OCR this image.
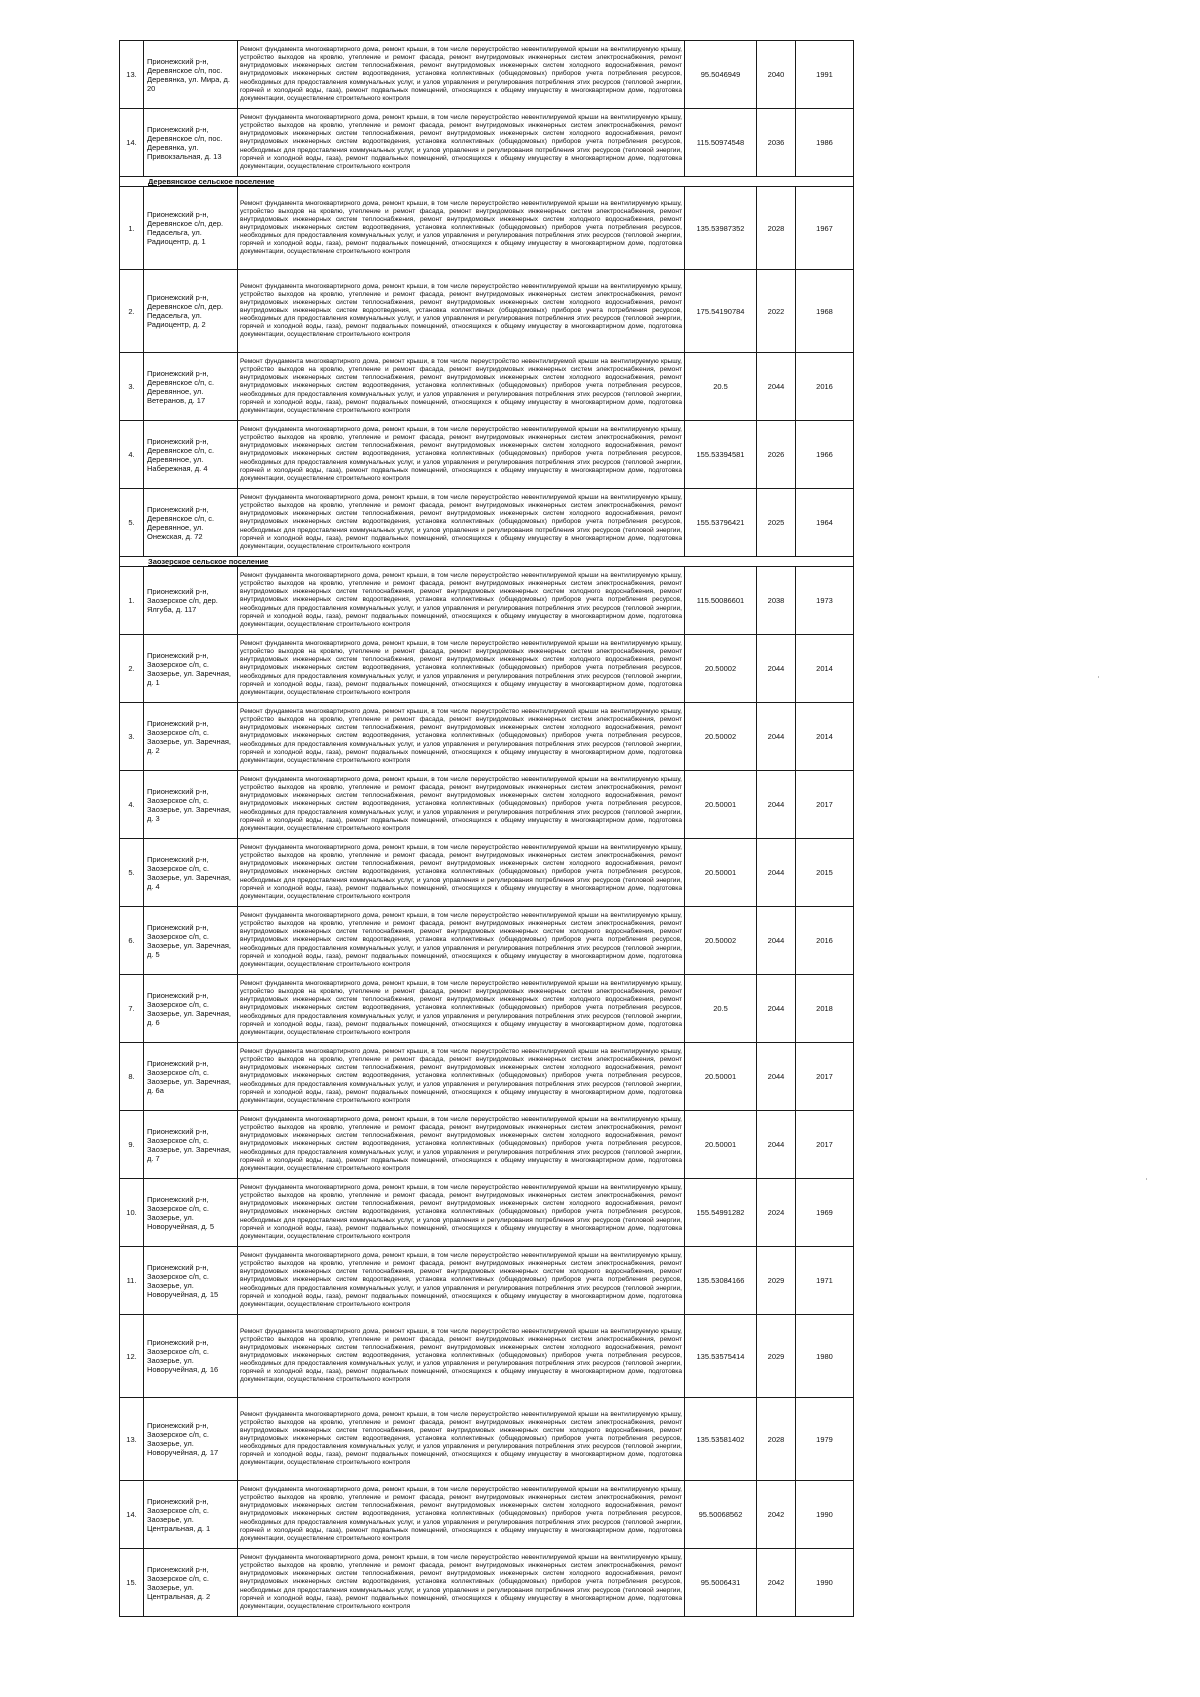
13.	Прионежский р-н, Деревянское с/п, пос. Деревянка, ул. Мира, д. 20	Ремонт фундамента многоквартирного дома, ремонт крыши, в том числе переустройство невентилируемой крыши на вентилируемую крышу, устройство выходов на кровлю, утепление и ремонт фасада, ремонт внутридомовых инженерных систем электроснабжения, ремонт внутридомовых инженерных систем теплоснабжения, ремонт внутридомовых инженерных систем холодного водоснабжения, ремонт внутридомовых инженерных систем водоотведения, установка коллективных (общедомовых) приборов учета потребления ресурсов, необходимых для предоставления коммунальных услуг, и узлов управления и регулирования потребления этих ресурсов (тепловой энергии, горячей и холодной воды, газа), ремонт подвальных помещений, относящихся к общему имуществу в многоквартирном доме, подготовка документации, осуществление строительного контроля	95.5046949	2040	1991
14.	Прионежский р-н, Деревянское с/п, пос. Деревянка, ул. Привокзальная, д. 13	Ремонт фундамента многоквартирного дома, ремонт крыши, в том числе переустройство невентилируемой крыши на вентилируемую крышу, устройство выходов на кровлю, утепление и ремонт фасада, ремонт внутридомовых инженерных систем электроснабжения, ремонт внутридомовых инженерных систем теплоснабжения, ремонт внутридомовых инженерных систем холодного водоснабжения, ремонт внутридомовых инженерных систем водоотведения, установка коллективных (общедомовых) приборов учета потребления ресурсов, необходимых для предоставления коммунальных услуг, и узлов управления и регулирования потребления этих ресурсов (тепловой энергии, горячей и холодной воды, газа), ремонт подвальных помещений, относящихся к общему имуществу в многоквартирном доме, подготовка документации, осуществление строительного контроля	115.50974548	2036	1986
Деревянское сельское поселение					
1.	Прионежский р-н, Деревянское с/п, дер. Педасельга, ул. Радиоцентр, д. 1	Ремонт фундамента многоквартирного дома, ремонт крыши, в том числе переустройство невентилируемой крыши на вентилируемую крышу, устройство выходов на кровлю, утепление и ремонт фасада, ремонт внутридомовых инженерных систем электроснабжения, ремонт внутридомовых инженерных систем теплоснабжения, ремонт внутридомовых инженерных систем холодного водоснабжения, ремонт внутридомовых инженерных систем водоотведения, установка коллективных (общедомовых) приборов учета потребления ресурсов, необходимых для предоставления коммунальных услуг, и узлов управления и регулирования потребления этих ресурсов (тепловой энергии, горячей и холодной воды, газа), ремонт подвальных помещений, относящихся к общему имуществу в многоквартирном доме, подготовка документации, осуществление строительного контроля	135.53987352	2028	1967
2.	Прионежский р-н, Деревянское с/п, дер. Педасельга, ул. Радиоцентр, д. 2	Ремонт фундамента многоквартирного дома, ремонт крыши, в том числе переустройство невентилируемой крыши на вентилируемую крышу, устройство выходов на кровлю, утепление и ремонт фасада, ремонт внутридомовых инженерных систем электроснабжения, ремонт внутридомовых инженерных систем теплоснабжения, ремонт внутридомовых инженерных систем холодного водоснабжения, ремонт внутридомовых инженерных систем водоотведения, установка коллективных (общедомовых) приборов учета потребления ресурсов, необходимых для предоставления коммунальных услуг, и узлов управления и регулирования потребления этих ресурсов (тепловой энергии, горячей и холодной воды, газа), ремонт подвальных помещений, относящихся к общему имуществу в многоквартирном доме, подготовка документации, осуществление строительного контроля	175.54190784	2022	1968
3.	Прионежский р-н, Деревянское с/п, с. Деревянное, ул. Ветеранов, д. 17	Ремонт фундамента многоквартирного дома, ремонт крыши, в том числе переустройство невентилируемой крыши на вентилируемую крышу, устройство выходов на кровлю, утепление и ремонт фасада, ремонт внутридомовых инженерных систем электроснабжения, ремонт внутридомовых инженерных систем теплоснабжения, ремонт внутридомовых инженерных систем холодного водоснабжения, ремонт внутридомовых инженерных систем водоотведения, установка коллективных (общедомовых) приборов учета потребления ресурсов, необходимых для предоставления коммунальных услуг, и узлов управления и регулирования потребления этих ресурсов (тепловой энергии, горячей и холодной воды, газа), ремонт подвальных помещений, относящихся к общему имуществу в многоквартирном доме, подготовка документации, осуществление строительного контроля	20.5	2044	2016
4.	Прионежский р-н, Деревянское с/п, с. Деревянное, ул. Набережная, д. 4	Ремонт фундамента многоквартирного дома, ремонт крыши, в том числе переустройство невентилируемой крыши на вентилируемую крышу, устройство выходов на кровлю, утепление и ремонт фасада, ремонт внутридомовых инженерных систем электроснабжения, ремонт внутридомовых инженерных систем теплоснабжения, ремонт внутридомовых инженерных систем холодного водоснабжения, ремонт внутридомовых инженерных систем водоотведения, установка коллективных (общедомовых) приборов учета потребления ресурсов, необходимых для предоставления коммунальных услуг, и узлов управления и регулирования потребления этих ресурсов (тепловой энергии, горячей и холодной воды, газа), ремонт подвальных помещений, относящихся к общему имуществу в многоквартирном доме, подготовка документации, осуществление строительного контроля	155.53394581	2026	1966
5.	Прионежский р-н, Деревянское с/п, с. Деревянное, ул. Онежская, д. 72	Ремонт фундамента многоквартирного дома, ремонт крыши, в том числе переустройство невентилируемой крыши на вентилируемую крышу, устройство выходов на кровлю, утепление и ремонт фасада, ремонт внутридомовых инженерных систем электроснабжения, ремонт внутридомовых инженерных систем теплоснабжения, ремонт внутридомовых инженерных систем холодного водоснабжения, ремонт внутридомовых инженерных систем водоотведения, установка коллективных (общедомовых) приборов учета потребления ресурсов, необходимых для предоставления коммунальных услуг, и узлов управления и регулирования потребления этих ресурсов (тепловой энергии, горячей и холодной воды, газа), ремонт подвальных помещений, относящихся к общему имуществу в многоквартирном доме, подготовка документации, осуществление строительного контроля	155.53796421	2025	1964
Заозерское сельское поселение					
1.	Прионежский р-н, Заозерское с/п, дер. Ялгуба, д. 117	Ремонт фундамента многоквартирного дома, ремонт крыши, в том числе переустройство невентилируемой крыши на вентилируемую крышу, устройство выходов на кровлю, утепление и ремонт фасада, ремонт внутридомовых инженерных систем электроснабжения, ремонт внутридомовых инженерных систем теплоснабжения, ремонт внутридомовых инженерных систем холодного водоснабжения, ремонт внутридомовых инженерных систем водоотведения, установка коллективных (общедомовых) приборов учета потребления ресурсов, необходимых для предоставления коммунальных услуг, и узлов управления и регулирования потребления этих ресурсов (тепловой энергии, горячей и холодной воды, газа), ремонт подвальных помещений, относящихся к общему имуществу в многоквартирном доме, подготовка документации, осуществление строительного контроля	115.50086601	2038	1973
2.	Прионежский р-н, Заозерское с/п, с. Заозерье, ул. Заречная, д. 1	Ремонт фундамента многоквартирного дома, ремонт крыши, в том числе переустройство невентилируемой крыши на вентилируемую крышу, устройство выходов на кровлю, утепление и ремонт фасада, ремонт внутридомовых инженерных систем электроснабжения, ремонт внутридомовых инженерных систем теплоснабжения, ремонт внутридомовых инженерных систем холодного водоснабжения, ремонт внутридомовых инженерных систем водоотведения, установка коллективных (общедомовых) приборов учета потребления ресурсов, необходимых для предоставления коммунальных услуг, и узлов управления и регулирования потребления этих ресурсов (тепловой энергии, горячей и холодной воды, газа), ремонт подвальных помещений, относящихся к общему имуществу в многоквартирном доме, подготовка документации, осуществление строительного контроля	20.50002	2044	2014
3.	Прионежский р-н, Заозерское с/п, с. Заозерье, ул. Заречная, д. 2	Ремонт фундамента многоквартирного дома, ремонт крыши, в том числе переустройство невентилируемой крыши на вентилируемую крышу, устройство выходов на кровлю, утепление и ремонт фасада, ремонт внутридомовых инженерных систем электроснабжения, ремонт внутридомовых инженерных систем теплоснабжения, ремонт внутридомовых инженерных систем холодного водоснабжения, ремонт внутридомовых инженерных систем водоотведения, установка коллективных (общедомовых) приборов учета потребления ресурсов, необходимых для предоставления коммунальных услуг, и узлов управления и регулирования потребления этих ресурсов (тепловой энергии, горячей и холодной воды, газа), ремонт подвальных помещений, относящихся к общему имуществу в многоквартирном доме, подготовка документации, осуществление строительного контроля	20.50002	2044	2014
4.	Прионежский р-н, Заозерское с/п, с. Заозерье, ул. Заречная, д. 3	Ремонт фундамента многоквартирного дома, ремонт крыши, в том числе переустройство невентилируемой крыши на вентилируемую крышу, устройство выходов на кровлю, утепление и ремонт фасада, ремонт внутридомовых инженерных систем электроснабжения, ремонт внутридомовых инженерных систем теплоснабжения, ремонт внутридомовых инженерных систем холодного водоснабжения, ремонт внутридомовых инженерных систем водоотведения, установка коллективных (общедомовых) приборов учета потребления ресурсов, необходимых для предоставления коммунальных услуг, и узлов управления и регулирования потребления этих ресурсов (тепловой энергии, горячей и холодной воды, газа), ремонт подвальных помещений, относящихся к общему имуществу в многоквартирном доме, подготовка документации, осуществление строительного контроля	20.50001	2044	2017
5.	Прионежский р-н, Заозерское с/п, с. Заозерье, ул. Заречная, д. 4	Ремонт фундамента многоквартирного дома, ремонт крыши, в том числе переустройство невентилируемой крыши на вентилируемую крышу, устройство выходов на кровлю, утепление и ремонт фасада, ремонт внутридомовых инженерных систем электроснабжения, ремонт внутридомовых инженерных систем теплоснабжения, ремонт внутридомовых инженерных систем холодного водоснабжения, ремонт внутридомовых инженерных систем водоотведения, установка коллективных (общедомовых) приборов учета потребления ресурсов, необходимых для предоставления коммунальных услуг, и узлов управления и регулирования потребления этих ресурсов (тепловой энергии, горячей и холодной воды, газа), ремонт подвальных помещений, относящихся к общему имуществу в многоквартирном доме, подготовка документации, осуществление строительного контроля	20.50001	2044	2015
6.	Прионежский р-н, Заозерское с/п, с. Заозерье, ул. Заречная, д. 5	Ремонт фундамента многоквартирного дома, ремонт крыши, в том числе переустройство невентилируемой крыши на вентилируемую крышу, устройство выходов на кровлю, утепление и ремонт фасада, ремонт внутридомовых инженерных систем электроснабжения, ремонт внутридомовых инженерных систем теплоснабжения, ремонт внутридомовых инженерных систем холодного водоснабжения, ремонт внутридомовых инженерных систем водоотведения, установка коллективных (общедомовых) приборов учета потребления ресурсов, необходимых для предоставления коммунальных услуг, и узлов управления и регулирования потребления этих ресурсов (тепловой энергии, горячей и холодной воды, газа), ремонт подвальных помещений, относящихся к общему имуществу в многоквартирном доме, подготовка документации, осуществление строительного контроля	20.50002	2044	2016
7.	Прионежский р-н, Заозерское с/п, с. Заозерье, ул. Заречная, д. 6	Ремонт фундамента многоквартирного дома, ремонт крыши, в том числе переустройство невентилируемой крыши на вентилируемую крышу, устройство выходов на кровлю, утепление и ремонт фасада, ремонт внутридомовых инженерных систем электроснабжения, ремонт внутридомовых инженерных систем теплоснабжения, ремонт внутридомовых инженерных систем холодного водоснабжения, ремонт внутридомовых инженерных систем водоотведения, установка коллективных (общедомовых) приборов учета потребления ресурсов, необходимых для предоставления коммунальных услуг, и узлов управления и регулирования потребления этих ресурсов (тепловой энергии, горячей и холодной воды, газа), ремонт подвальных помещений, относящихся к общему имуществу в многоквартирном доме, подготовка документации, осуществление строительного контроля	20.5	2044	2018
8.	Прионежский р-н, Заозерское с/п, с. Заозерье, ул. Заречная, д. 6а	Ремонт фундамента многоквартирного дома, ремонт крыши, в том числе переустройство невентилируемой крыши на вентилируемую крышу, устройство выходов на кровлю, утепление и ремонт фасада, ремонт внутридомовых инженерных систем электроснабжения, ремонт внутридомовых инженерных систем теплоснабжения, ремонт внутридомовых инженерных систем холодного водоснабжения, ремонт внутридомовых инженерных систем водоотведения, установка коллективных (общедомовых) приборов учета потребления ресурсов, необходимых для предоставления коммунальных услуг, и узлов управления и регулирования потребления этих ресурсов (тепловой энергии, горячей и холодной воды, газа), ремонт подвальных помещений, относящихся к общему имуществу в многоквартирном доме, подготовка документации, осуществление строительного контроля	20.50001	2044	2017
9.	Прионежский р-н, Заозерское с/п, с. Заозерье, ул. Заречная, д. 7	Ремонт фундамента многоквартирного дома, ремонт крыши, в том числе переустройство невентилируемой крыши на вентилируемую крышу, устройство выходов на кровлю, утепление и ремонт фасада, ремонт внутридомовых инженерных систем электроснабжения, ремонт внутридомовых инженерных систем теплоснабжения, ремонт внутридомовых инженерных систем холодного водоснабжения, ремонт внутридомовых инженерных систем водоотведения, установка коллективных (общедомовых) приборов учета потребления ресурсов, необходимых для предоставления коммунальных услуг, и узлов управления и регулирования потребления этих ресурсов (тепловой энергии, горячей и холодной воды, газа), ремонт подвальных помещений, относящихся к общему имуществу в многоквартирном доме, подготовка документации, осуществление строительного контроля	20.50001	2044	2017
10.	Прионежский р-н, Заозерское с/п, с. Заозерье, ул. Новоручейная, д. 5	Ремонт фундамента многоквартирного дома, ремонт крыши, в том числе переустройство невентилируемой крыши на вентилируемую крышу, устройство выходов на кровлю, утепление и ремонт фасада, ремонт внутридомовых инженерных систем электроснабжения, ремонт внутридомовых инженерных систем теплоснабжения, ремонт внутридомовых инженерных систем холодного водоснабжения, ремонт внутридомовых инженерных систем водоотведения, установка коллективных (общедомовых) приборов учета потребления ресурсов, необходимых для предоставления коммунальных услуг, и узлов управления и регулирования потребления этих ресурсов (тепловой энергии, горячей и холодной воды, газа), ремонт подвальных помещений, относящихся к общему имуществу в многоквартирном доме, подготовка документации, осуществление строительного контроля	155.54991282	2024	1969
11.	Прионежский р-н, Заозерское с/п, с. Заозерье, ул. Новоручейная, д. 15	Ремонт фундамента многоквартирного дома, ремонт крыши, в том числе переустройство невентилируемой крыши на вентилируемую крышу, устройство выходов на кровлю, утепление и ремонт фасада, ремонт внутридомовых инженерных систем электроснабжения, ремонт внутридомовых инженерных систем теплоснабжения, ремонт внутридомовых инженерных систем холодного водоснабжения, ремонт внутридомовых инженерных систем водоотведения, установка коллективных (общедомовых) приборов учета потребления ресурсов, необходимых для предоставления коммунальных услуг, и узлов управления и регулирования потребления этих ресурсов (тепловой энергии, горячей и холодной воды, газа), ремонт подвальных помещений, относящихся к общему имуществу в многоквартирном доме, подготовка документации, осуществление строительного контроля	135.53084166	2029	1971
12.	Прионежский р-н, Заозерское с/п, с. Заозерье, ул. Новоручейная, д. 16	Ремонт фундамента многоквартирного дома, ремонт крыши, в том числе переустройство невентилируемой крыши на вентилируемую крышу, устройство выходов на кровлю, утепление и ремонт фасада, ремонт внутридомовых инженерных систем электроснабжения, ремонт внутридомовых инженерных систем теплоснабжения, ремонт внутридомовых инженерных систем холодного водоснабжения, ремонт внутридомовых инженерных систем водоотведения, установка коллективных (общедомовых) приборов учета потребления ресурсов, необходимых для предоставления коммунальных услуг, и узлов управления и регулирования потребления этих ресурсов (тепловой энергии, горячей и холодной воды, газа), ремонт подвальных помещений, относящихся к общему имуществу в многоквартирном доме, подготовка документации, осуществление строительного контроля	135.53575414	2029	1980
13.	Прионежский р-н, Заозерское с/п, с. Заозерье, ул. Новоручейная, д. 17	Ремонт фундамента многоквартирного дома, ремонт крыши, в том числе переустройство невентилируемой крыши на вентилируемую крышу, устройство выходов на кровлю, утепление и ремонт фасада, ремонт внутридомовых инженерных систем электроснабжения, ремонт внутридомовых инженерных систем теплоснабжения, ремонт внутридомовых инженерных систем холодного водоснабжения, ремонт внутридомовых инженерных систем водоотведения, установка коллективных (общедомовых) приборов учета потребления ресурсов, необходимых для предоставления коммунальных услуг, и узлов управления и регулирования потребления этих ресурсов (тепловой энергии, горячей и холодной воды, газа), ремонт подвальных помещений, относящихся к общему имуществу в многоквартирном доме, подготовка документации, осуществление строительного контроля	135.53581402	2028	1979
14.	Прионежский р-н, Заозерское с/п, с. Заозерье, ул. Центральная, д. 1	Ремонт фундамента многоквартирного дома, ремонт крыши, в том числе переустройство невентилируемой крыши на вентилируемую крышу, устройство выходов на кровлю, утепление и ремонт фасада, ремонт внутридомовых инженерных систем электроснабжения, ремонт внутридомовых инженерных систем теплоснабжения, ремонт внутридомовых инженерных систем холодного водоснабжения, ремонт внутридомовых инженерных систем водоотведения, установка коллективных (общедомовых) приборов учета потребления ресурсов, необходимых для предоставления коммунальных услуг, и узлов управления и регулирования потребления этих ресурсов (тепловой энергии, горячей и холодной воды, газа), ремонт подвальных помещений, относящихся к общему имуществу в многоквартирном доме, подготовка документации, осуществление строительного контроля	95.50068562	2042	1990
15.	Прионежский р-н, Заозерское с/п, с. Заозерье, ул. Центральная, д. 2	Ремонт фундамента многоквартирного дома, ремонт крыши, в том числе переустройство невентилируемой крыши на вентилируемую крышу, устройство выходов на кровлю, утепление и ремонт фасада, ремонт внутридомовых инженерных систем электроснабжения, ремонт внутридомовых инженерных систем теплоснабжения, ремонт внутридомовых инженерных систем холодного водоснабжения, ремонт внутридомовых инженерных систем водоотведения, установка коллективных (общедомовых) приборов учета потребления ресурсов, необходимых для предоставления коммунальных услуг, и узлов управления и регулирования потребления этих ресурсов (тепловой энергии, горячей и холодной воды, газа), ремонт подвальных помещений, относящихся к общему имуществу в многоквартирном доме, подготовка документации, осуществление строительного контроля	95.5006431	2042	1990
